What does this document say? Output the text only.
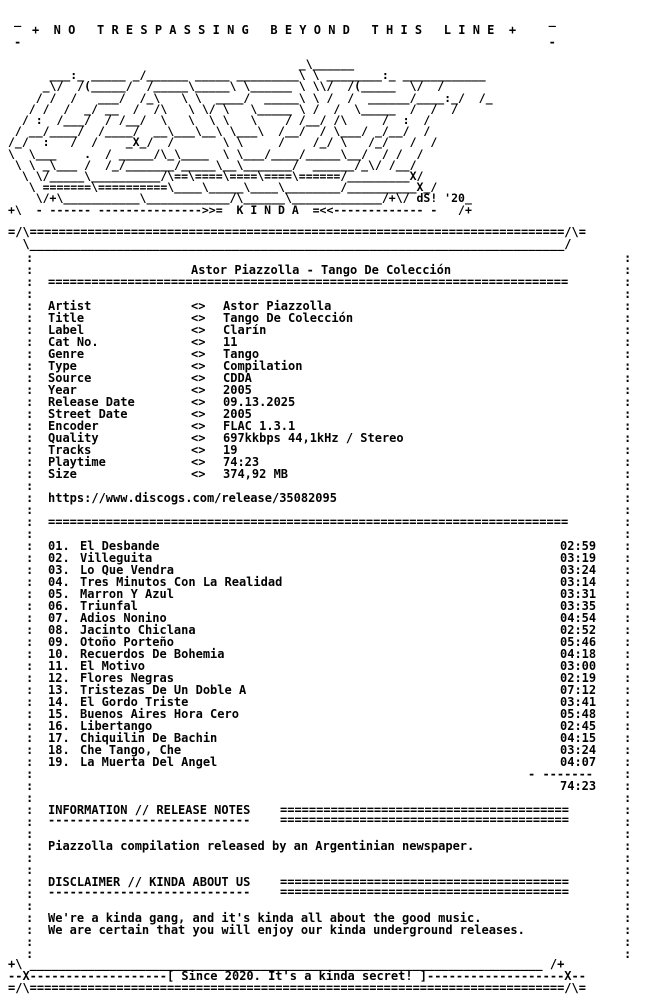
_                                                                         _
+  N O   T R E S P A S S I N G   B E Y O N D   T H I S   L I N E  +
-                                                                         -
_\______
___:_ _____ _/______ _____ _________\ \ ________:_ ____________
_\/  /(_____/  /_____\_____\ \______ \ \\/  /(_____  \/  /
/ /  /   ___/  /_\   \ \  ____/  _____\ \ /  /  ______/____:_/  /_
/ /  /  _/ __  /  /\   \ \/ \   \_____ \ /  /  \_____  /  /  /
/ :  /___/  / /__/  \   \  \ \   \    / /__/ /\     /  :  /
/ __/____/  /____/  __\___\__\ \___\  /__/  / \___/ _/__/  /
/_/  :   /  /    _X_/  /       \ \     /    /_/ \   /_/   /  /
\  \___    .  / _____/\_\____  \ \___/____/_____\__/  / /  /
\ \ _\___ /  /_/_______/_____\__\_______/  ______/_\/ /__/
\ \/_____\__________/\==\====\====\====\======/_________X/
\ =======\==========\____\_____\____\________/__________X_/
\/+\___________\____________/\______\_____________/+\/ dS! '20_
+\  - ------ --------------->>=  K I N D A  =<<------------- -   /+
=/\==========================================================================/\=
\__________________________________________________________________________/
:	:
:	:
:	:
:	:
:	:
:	:
:	:
:	:
:	:
:	:
:	:
:	:
:	:
:	:
:	:
:	:
:	:
:	:
:	:
:	:
:	:
:	:
:	:
:	:
:	:
:	:
:	:
:	:
:	:
:	:
:	:
:	:
:	:
:	:
:	:
:	:
:	:
:	:
:	:
:	:
:	:
:	:
:	:
:	:
:	:
:	:
:	:
:	:
:	:
:	:
:	:
:	:
:	:
:	:
:	:
:	:
:	:
:	:
:	:
Astor Piazzolla - Tango De Colección
========================================================================
Artist	<> Astor Piazzolla
Title	<> Tango De Colección
Label	<> Clarín
Cat No.	<> 11
Genre	<> Tango
Type	<> Compilation
Source	<> CDDA
Year	<> 2005
Release Date	<> 09.13.2025
Street Date	<> 2005
Encoder	<> FLAC 1.3.1
Quality	<> 697kkbps 44,1kHz / Stereo
Tracks	<> 19
Playtime	<> 74:23
Size	<> 374,92 MB
https://www.discogs.com/release/35082095
========================================================================
01. El Desbande	02:59
02. Villeguita	03:19
03. Lo Que Vendra	03:24
04. Tres Minutos Con La Realidad	03:14
05. Marron Y Azul	03:31
06. Triunfal	03:35
07. Adios Nonino	04:54
08. Jacinto Chiclana	02:52
09. Otoño Porteño	05:46
10. Recuerdos De Bohemia	04:18
11. El Motivo	03:00
12. Flores Negras	02:19
13. Tristezas De Un Doble A	07:12
14. El Gordo Triste	03:41
15. Buenos Aires Hora Cero	05:48
16. Libertango	02:45
17. Chiquilin De Bachin	04:15
18. Che Tango, Che	03:24
19. La Muerta Del Angel	04:07
- -------
74:23
INFORMATION // RELEASE NOTES ========================================
---------------------------- ========================================
Piazzolla compilation released by an Argentinian newspaper.
DISCLAIMER // KINDA ABOUT US ========================================
---------------------------- ========================================
We're a kinda gang, and it's kinda all about the good music.
We are certain that you will enjoy our kinda underground releases.
+\ _______________________________________________________________________ /+
--X-------------------[ Since 2020. It's a kinda secret! ]-------------------X--
=/\==========================================================================/\=
